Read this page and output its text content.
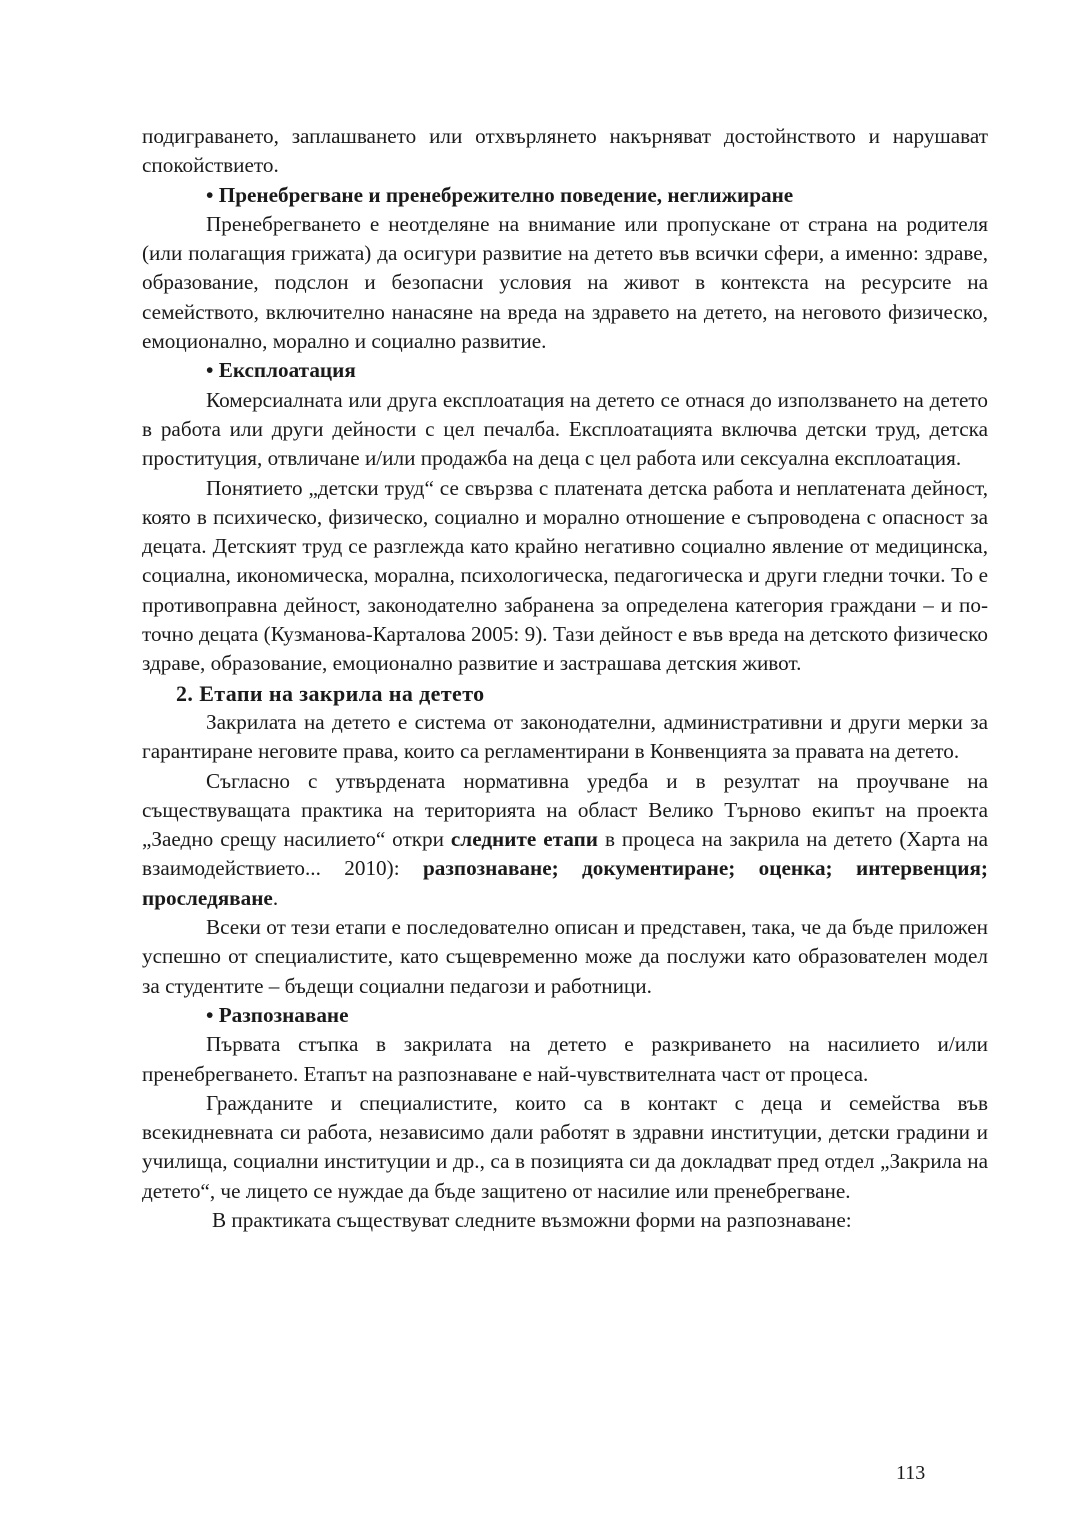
подиграването, заплашването или отхвърлянето накърняват достойнството и нарушават спокойствието.

• Пренебрегване и пренебрежително поведение, неглижиране

Пренебрегването е неотделяне на внимание или пропускане от страна на родителя (или полагащия грижата) да осигури развитие на детето във всички сфери, а именно: здраве, образование, подслон и безопасни условия на живот в контекста на ресурсите на семейството, включително нанасяне на вреда на здравето на детето, на неговото физическо, емоционално, морално и социално развитие.

• Експлоатация

Комерсиалната или друга експлоатация на детето се отнася до използването на детето в работа или други дейности с цел печалба. Експлоатацията включва детски труд, детска проституция, отвличане и/или продажба на деца с цел работа или сексуална експлоатация.

Понятието „детски труд“ се свързва с платената детска работа и неплатената дейност, която в психическо, физическо, социално и морално отношение е съпроводена с опасност за децата. Детският труд се разглежда като крайно негативно социално явление от медицинска, социална, икономическа, морална, психологическа, педагогическа и други гледни точки. То е противоправна дейност, законодателно забранена за определена категория граждани – и по-точно децата (Кузманова-Карталова 2005: 9). Тази дейност е във вреда на детското физическо здраве, образование, емоционално развитие и застрашава детския живот.

2. Етапи на закрила на детето

Закрилата на детето е система от законодателни, административни и други мерки за гарантиране неговите права, които са регламентирани в Конвенцията за правата на детето.

Съгласно с утвърдената нормативна уредба и в резултат на проучване на съществуващата практика на територията на област Велико Търново екипът на проекта „Заедно срещу насилието“ откри следните етапи в процеса на закрила на детето (Харта на взаимодействието... 2010): разпознаване; документиране; оценка; интервенция; проследяване.

Всеки от тези етапи е последователно описан и представен, така, че да бъде приложен успешно от специалистите, като същевременно може да послужи като образователен модел за студентите – бъдещи социални педагози и работници.

• Разпознаване

Първата стъпка в закрилата на детето е разкриването на насилието и/или пренебрегването. Етапът на разпознаване е най-чувствителната част от процеса.

Гражданите и специалистите, които са в контакт с деца и семейства във всекидневната си работа, независимо дали работят в здравни институции, детски градини и училища, социални институции и др., са в позицията си да докладват пред отдел „Закрила на детето“, че лицето се нуждае да бъде защитено от насилие или пренебрегване.

В практиката съществуват следните възможни форми на разпознаване:

113
